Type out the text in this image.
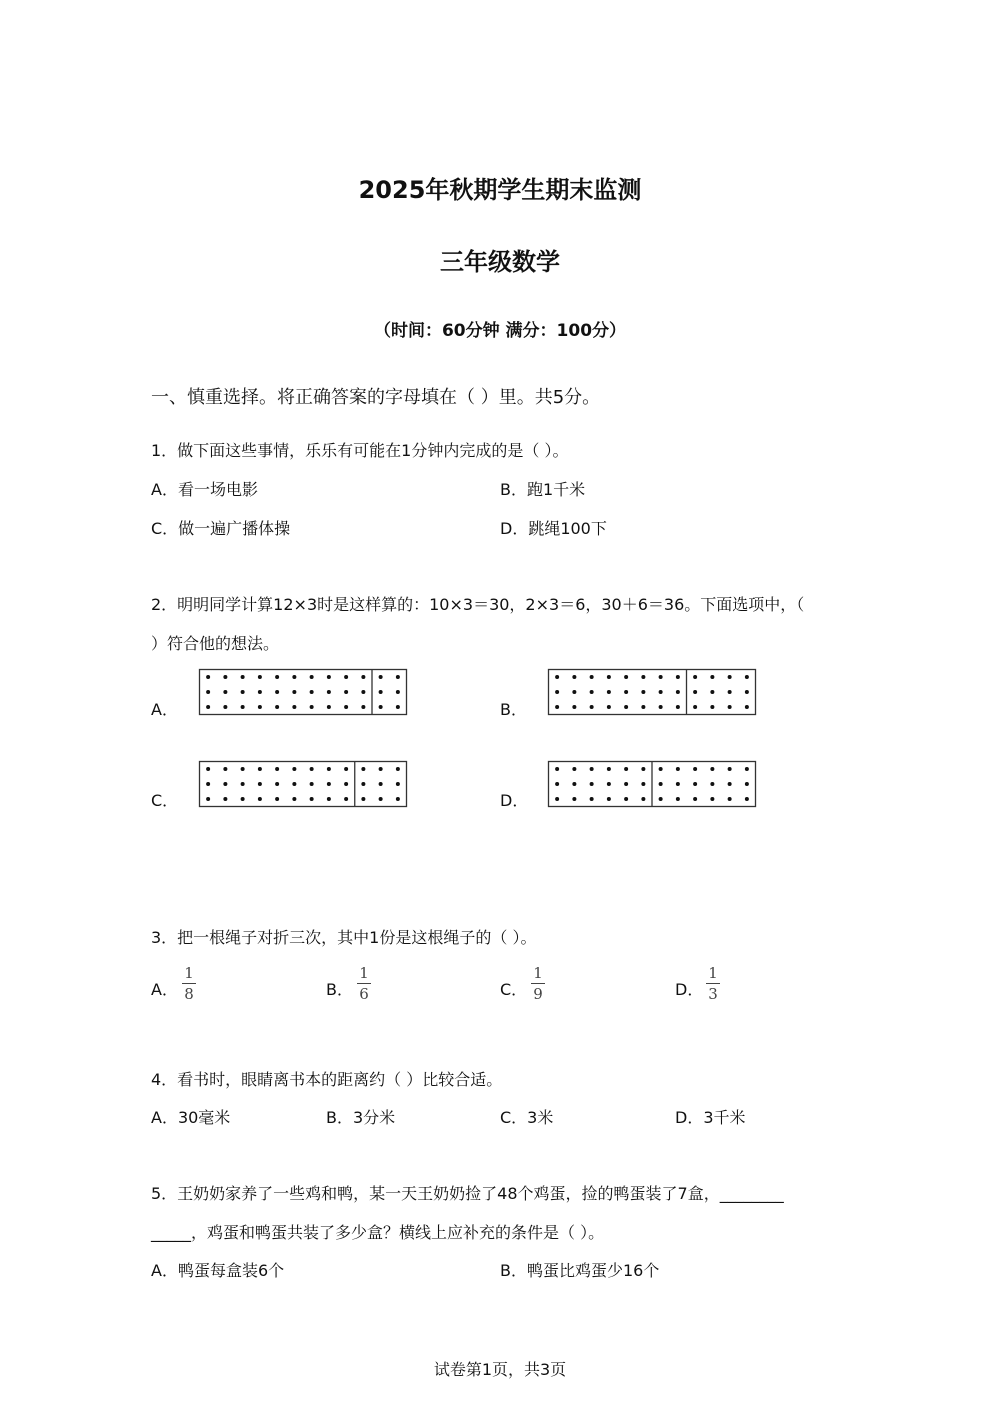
2025年秋期学生期末监测
三年级数学
（时间：60分钟 满分：100分）
一、慎重选择。将正确答案的字母填在（ ）里。共5分。
1．做下面这些事情，乐乐有可能在1分钟内完成的是（ ）。
A．看一场电影	B．跑1千米
C．做一遍广播体操	D．跳绳100下
2．明明同学计算12×3时是这样算的：10×3＝30，2×3＝6，30＋6＝36。下面选项中，（
）符合他的想法。
A．	B．
C．	D．
3．把一根绳子对折三次，其中1份是这根绳子的（ ）。
A．
1
8	B．
1
6	C．
1
9	D．
1
3
4．看书时，眼睛离书本的距离约（ ）比较合适。
A．30毫米	B．3分米	C．3米	D．3千米
5．王奶奶家养了一些鸡和鸭，某一天王奶奶捡了48个鸡蛋，捡的鸭蛋装了7盒，________
_____，鸡蛋和鸭蛋共装了多少盒？横线上应补充的条件是（ ）。
A．鸭蛋每盒装6个	B．鸭蛋比鸡蛋少16个
试卷第1页，共3页
